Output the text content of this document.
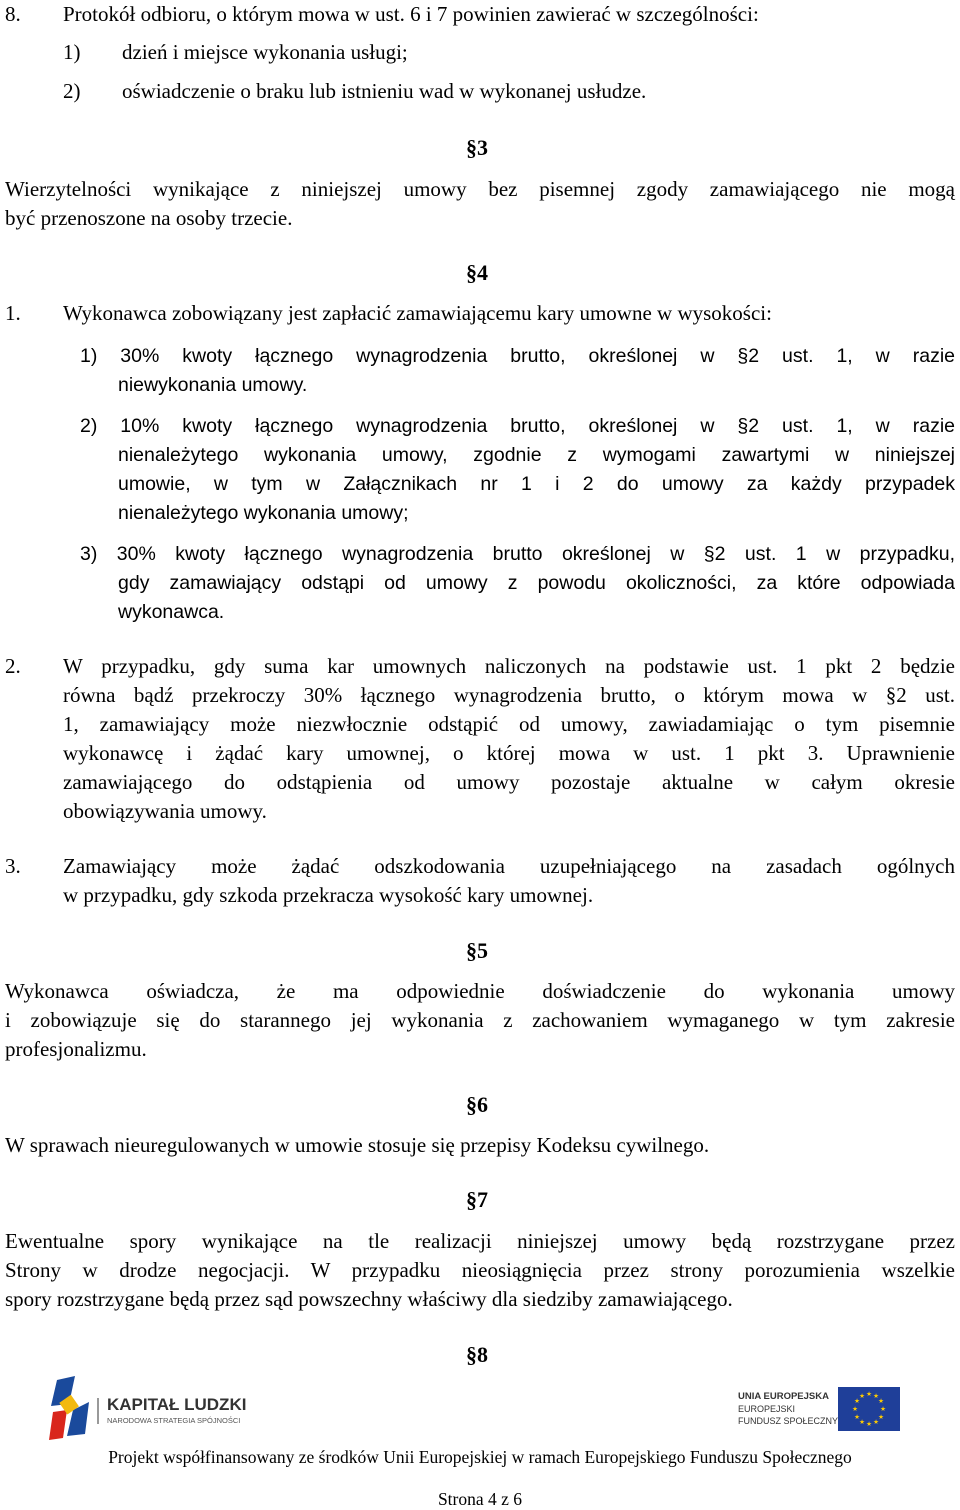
8. Protokół odbioru, o którym mowa w ust. 6 i 7 powinien zawierać w szczególności:
1) dzień i miejsce wykonania usługi;
2) oświadczenie o braku lub istnieniu wad w wykonanej usłudze.
§3
Wierzytelności wynikające z niniejszej umowy bez pisemnej zgody zamawiającego nie mogą
być przenoszone na osoby trzecie.
§4
1. Wykonawca zobowiązany jest zapłacić zamawiającemu kary umowne w wysokości:
1) 30% kwoty łącznego wynagrodzenia brutto, określonej w §2 ust. 1, w razie
niewykonania umowy.
2) 10% kwoty łącznego wynagrodzenia brutto, określonej w §2 ust. 1, w razie
nienależytego wykonania umowy, zgodnie z wymogami zawartymi w niniejszej
umowie, w tym w Załącznikach nr 1 i 2 do umowy za każdy przypadek
nienależytego wykonania umowy;
3) 30% kwoty łącznego wynagrodzenia brutto określonej w §2 ust. 1 w przypadku,
gdy zamawiający odstąpi od umowy z powodu okoliczności, za które odpowiada
wykonawca.
2. W przypadku, gdy suma kar umownych naliczonych na podstawie ust. 1 pkt 2 będzie
równa bądź przekroczy 30% łącznego wynagrodzenia brutto, o którym mowa w §2 ust.
1, zamawiający może niezwłocznie odstąpić od umowy, zawiadamiając o tym pisemnie
wykonawcę i żądać kary umownej, o której mowa w ust. 1 pkt 3. Uprawnienie
zamawiającego do odstąpienia od umowy pozostaje aktualne w całym okresie
obowiązywania umowy.
3. Zamawiający może żądać odszkodowania uzupełniającego na zasadach ogólnych
w przypadku, gdy szkoda przekracza wysokość kary umownej.
§5
Wykonawca oświadcza, że ma odpowiednie doświadczenie do wykonania umowy
i zobowiązuje się do starannego jej wykonania z zachowaniem wymaganego w tym zakresie
profesjonalizmu.
§6
W sprawach nieuregulowanych w umowie stosuje się przepisy Kodeksu cywilnego.
§7
Ewentualne spory wynikające na tle realizacji niniejszej umowy będą rozstrzygane przez
Strony w drodze negocjacji. W przypadku nieosiągnięcia przez strony porozumienia wszelkie
spory rozstrzygane będą przez sąd powszechny właściwy dla siedziby zamawiającego.
§8
KAPITAŁ LUDZKI
NARODOWA STRATEGIA SPÓJNOŚCI
UNIA EUROPEJSKA
EUROPEJSKI
FUNDUSZ SPOŁECZNY
★ ★
★
★
★
★
★
★
★
★
★
★
Projekt współfinansowany ze środków Unii Europejskiej w ramach Europejskiego Funduszu Społecznego
Strona 4 z 6
